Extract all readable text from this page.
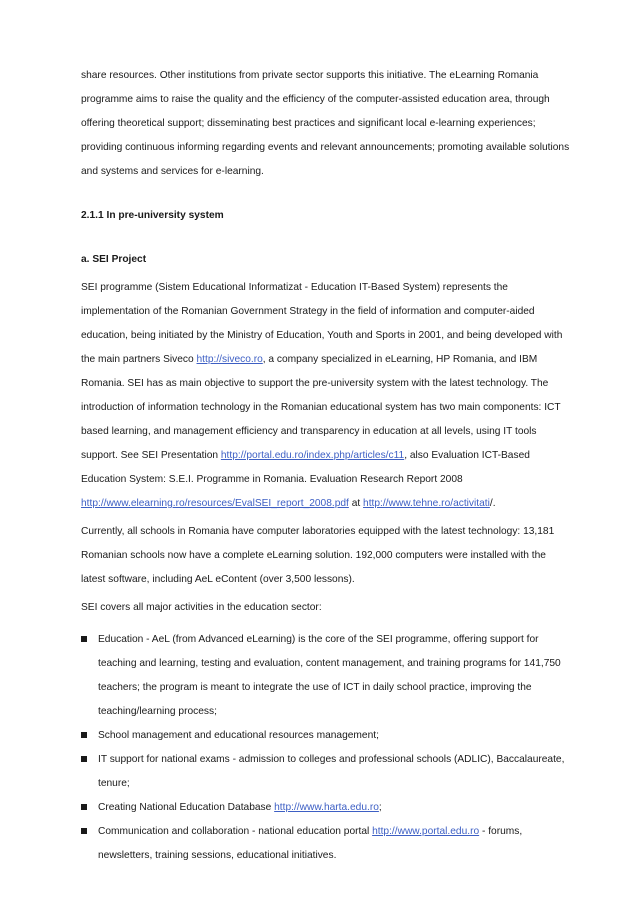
share resources. Other institutions from private sector supports this initiative. The eLearning Romania programme aims to raise the quality and the efficiency of the computer-assisted education area, through offering theoretical support; disseminating best practices and significant local e-learning experiences; providing continuous informing regarding events and relevant announcements; promoting available solutions and systems and services for e-learning.

2.1.1 In pre-university system

a. SEI Project

SEI programme (Sistem Educational Informatizat - Education IT-Based System) represents the implementation of the Romanian Government Strategy in the field of information and computer-aided education, being initiated by the Ministry of Education, Youth and Sports in 2001, and being developed with the main partners Siveco http://siveco.ro, a company specialized in eLearning, HP Romania, and IBM Romania. SEI has as main objective to support the pre-university system with the latest technology. The introduction of information technology in the Romanian educational system has two main components: ICT based learning, and management efficiency and transparency in education at all levels, using IT tools support. See SEI Presentation http://portal.edu.ro/index.php/articles/c11, also Evaluation ICT-Based Education System: S.E.I. Programme in Romania. Evaluation Research Report 2008 http://www.elearning.ro/resources/EvalSEI_report_2008.pdf at http://www.tehne.ro/activitati/.

Currently, all schools in Romania have computer laboratories equipped with the latest technology: 13,181 Romanian schools now have a complete eLearning solution. 192,000 computers were installed with the latest software, including AeL eContent (over 3,500 lessons).

SEI covers all major activities in the education sector:

Education - AeL (from Advanced eLearning) is the core of the SEI programme, offering support for teaching and learning, testing and evaluation, content management, and training programs for 141,750 teachers; the program is meant to integrate the use of ICT in daily school practice, improving the teaching/learning process;
School management and educational resources management;
IT support for national exams - admission to colleges and professional schools (ADLIC), Baccalaureate, tenure;
Creating National Education Database http://www.harta.edu.ro;
Communication and collaboration - national education portal http://www.portal.edu.ro - forums, newsletters, training sessions, educational initiatives.
